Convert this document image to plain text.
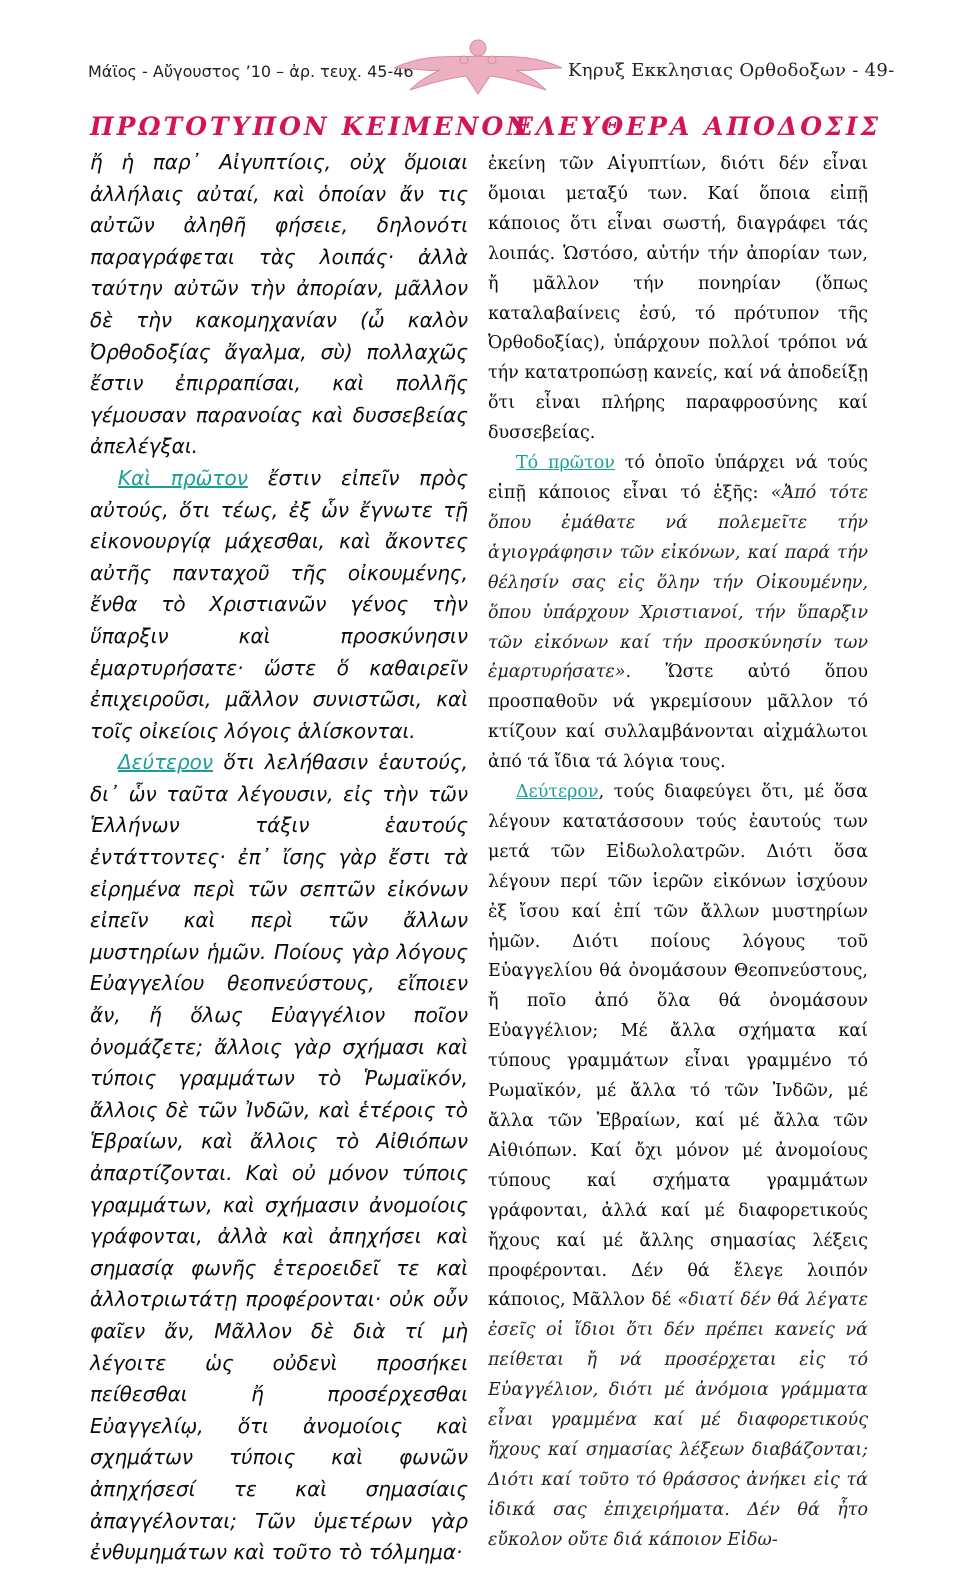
Μάϊος - Αὔγουστος ’10 – ἀρ. τευχ. 45-46	Κηρυξ Εκκλησιας Ορθοδοξων - 49-
ΠΡΩΤΟΤΥΠΟΝ ΚΕΙΜΕΝΟΝ
ΕΛΕΥΘΕΡΑ ΑΠΟΔΟΣΙΣ

ἤ ἡ παρ᾽ Αἰγυπτίοις, οὐχ ὅμοιαι ἀλλήλαις αὐταί, καὶ ὁποίαν ἄν τις αὐτῶν ἀληθῆ φήσειε, δηλονότι παραγράφεται τὰς λοιπάς· ἀλλὰ ταύτην αὐτῶν τὴν ἀπορίαν, μᾶλλον δὲ τὴν κακομηχανίαν (ὦ καλὸν Ὀρθοδοξίας ἄγαλμα, σὺ) πολλαχῶς ἔστιν ἐπιρραπίσαι, καὶ πολλῆς γέμουσαν παρανοίας καὶ δυσσεβείας ἀπελέγξαι.

Καὶ πρῶτον ἔστιν εἰπεῖν πρὸς αὐτούς, ὅτι τέως, ἐξ ὧν ἔγνωτε τῇ εἰκονουργίᾳ μάχεσθαι, καὶ ἄκοντες αὐτῆς πανταχοῦ τῆς οἰκουμένης, ἔνθα τὸ Χριστιανῶν γένος τὴν ὕπαρξιν καὶ προσκύνησιν ἐμαρτυρήσατε· ὥστε ὅ καθαιρεῖν ἐπιχειροῦσι, μᾶλλον συνιστῶσι, καὶ τοῖς οἰκείοις λόγοις ἁλίσκονται.

Δεύτερον ὅτι λελήθασιν ἑαυτούς, δι᾽ ὧν ταῦτα λέγουσιν, εἰς τὴν τῶν Ἑλλήνων τάξιν ἑαυτούς ἐντάττοντες· ἐπ᾽ ἴσης γὰρ ἔστι τὰ εἰρημένα περὶ τῶν σεπτῶν εἰκόνων εἰπεῖν καὶ περὶ τῶν ἄλλων μυστηρίων ἡμῶν. Ποίους γὰρ λόγους Εὐαγγελίου θεοπνεύστους, εἴποιεν ἄν, ἤ ὅλως Εὐαγγέλιον ποῖον ὀνομάζετε; ἄλλοις γὰρ σχήμασι καὶ τύποις γραμμάτων τὸ Ῥωμαϊκόν, ἄλλοις δὲ τῶν Ἰνδῶν, καὶ ἑτέροις τὸ Ἑβραίων, καὶ ἄλλοις τὸ Αἰθιόπων ἀπαρτίζονται. Καὶ οὐ μόνον τύποις γραμμάτων, καὶ σχήμασιν ἀνομοίοις γράφονται, ἀλλὰ καὶ ἀπηχήσει καὶ σημασίᾳ φωνῆς ἑτεροειδεῖ τε καὶ ἀλλοτριωτάτῃ προφέρονται· οὐκ οὖν φαῖεν ἄν, Μᾶλλον δὲ διὰ τί μὴ λέγοιτε ὡς οὐδενὶ προσήκει πείθεσθαι ἤ προσέρχεσθαι Εὐαγγελίῳ, ὅτι ἀνομοίοις καὶ σχημάτων τύποις καὶ φωνῶν ἀπηχήσεσί τε καὶ σημασίαις ἀπαγγέλονται; Τῶν ὑμετέρων γὰρ ἐνθυμημάτων καὶ τοῦτο τὸ τόλμημα·

ἐκείνη τῶν Αἰγυπτίων, διότι δέν εἶναι ὅμοιαι μεταξύ των. Καί ὅποια εἰπῇ κάποιος ὅτι εἶναι σωστή, διαγράφει τάς λοιπάς. Ὡστόσο, αὐτήν τήν ἀπορίαν των, ἤ μᾶλλον τήν πονηρίαν (ὅπως καταλαβαίνεις ἐσύ, τό πρότυπον τῆς Ὀρθοδοξίας), ὑπάρχουν πολλοί τρόποι νά τήν κατατροπώσῃ κανείς, καί νά ἀποδείξῃ ὅτι εἶναι πλήρης παραφροσύνης καί δυσσεβείας.

Τό πρῶτον τό ὁποῖο ὑπάρχει νά τούς εἰπῇ κάποιος εἶναι τό ἑξῆς: «Ἀπό τότε ὅπου ἐμάθατε νά πολεμεῖτε τήν ἁγιογράφησιν τῶν εἰκόνων, καί παρά τήν θέλησίν σας εἰς ὅλην τήν Οἰκουμένην, ὅπου ὑπάρχουν Χριστιανοί, τήν ὕπαρξιν τῶν εἰκόνων καί τήν προσκύνησίν των ἐμαρτυρήσατε». Ὥστε αὐτό ὅπου προσπαθοῦν νά γκρεμίσουν μᾶλλον τό κτίζουν καί συλλαμβάνονται αἰχμάλωτοι ἀπό τά ἴδια τά λόγια τους.

Δεύτερον, τούς διαφεύγει ὅτι, μέ ὅσα λέγουν κατατάσσουν τούς ἑαυτούς των μετά τῶν Εἰδωλολατρῶν. Διότι ὅσα λέγουν περί τῶν ἱερῶν εἰκόνων ἰσχύουν ἐξ ἴσου καί ἐπί τῶν ἄλλων μυστηρίων ἡμῶν. Διότι ποίους λόγους τοῦ Εὐαγγελίου θά ὀνομάσουν Θεοπνεύστους, ἤ ποῖο ἀπό ὅλα θά ὀνομάσουν Εὐαγγέλιον; Μέ ἄλλα σχήματα καί τύπους γραμμάτων εἶναι γραμμένο τό Ρωμαϊκόν, μέ ἄλλα τό τῶν Ἰνδῶν, μέ ἄλλα τῶν Ἑβραίων, καί μέ ἄλλα τῶν Αἰθιόπων. Καί ὄχι μόνον μέ ἀνομοίους τύπους καί σχήματα γραμμάτων γράφονται, ἀλλά καί μέ διαφορετικούς ἤχους καί μέ ἄλλης σημασίας λέξεις προφέρονται. Δέν θά ἔλεγε λοιπόν κάποιος, Μᾶλλον δέ «διατί δέν θά λέγατε ἐσεῖς οἱ ἴδιοι ὅτι δέν πρέπει κανείς νά πείθεται ἤ νά προσέρχεται εἰς τό Εὐαγγέλιον, διότι μέ ἀνόμοια γράμματα εἶναι γραμμένα καί μέ διαφορετικούς ἤχους καί σημασίας λέξεων διαβάζονται; Διότι καί τοῦτο τό θράσσος ἀνήκει εἰς τά ἰδικά σας ἐπιχειρήματα. Δέν θά ἦτο εὔκολον οὔτε διά κάποιον Εἰδω-
